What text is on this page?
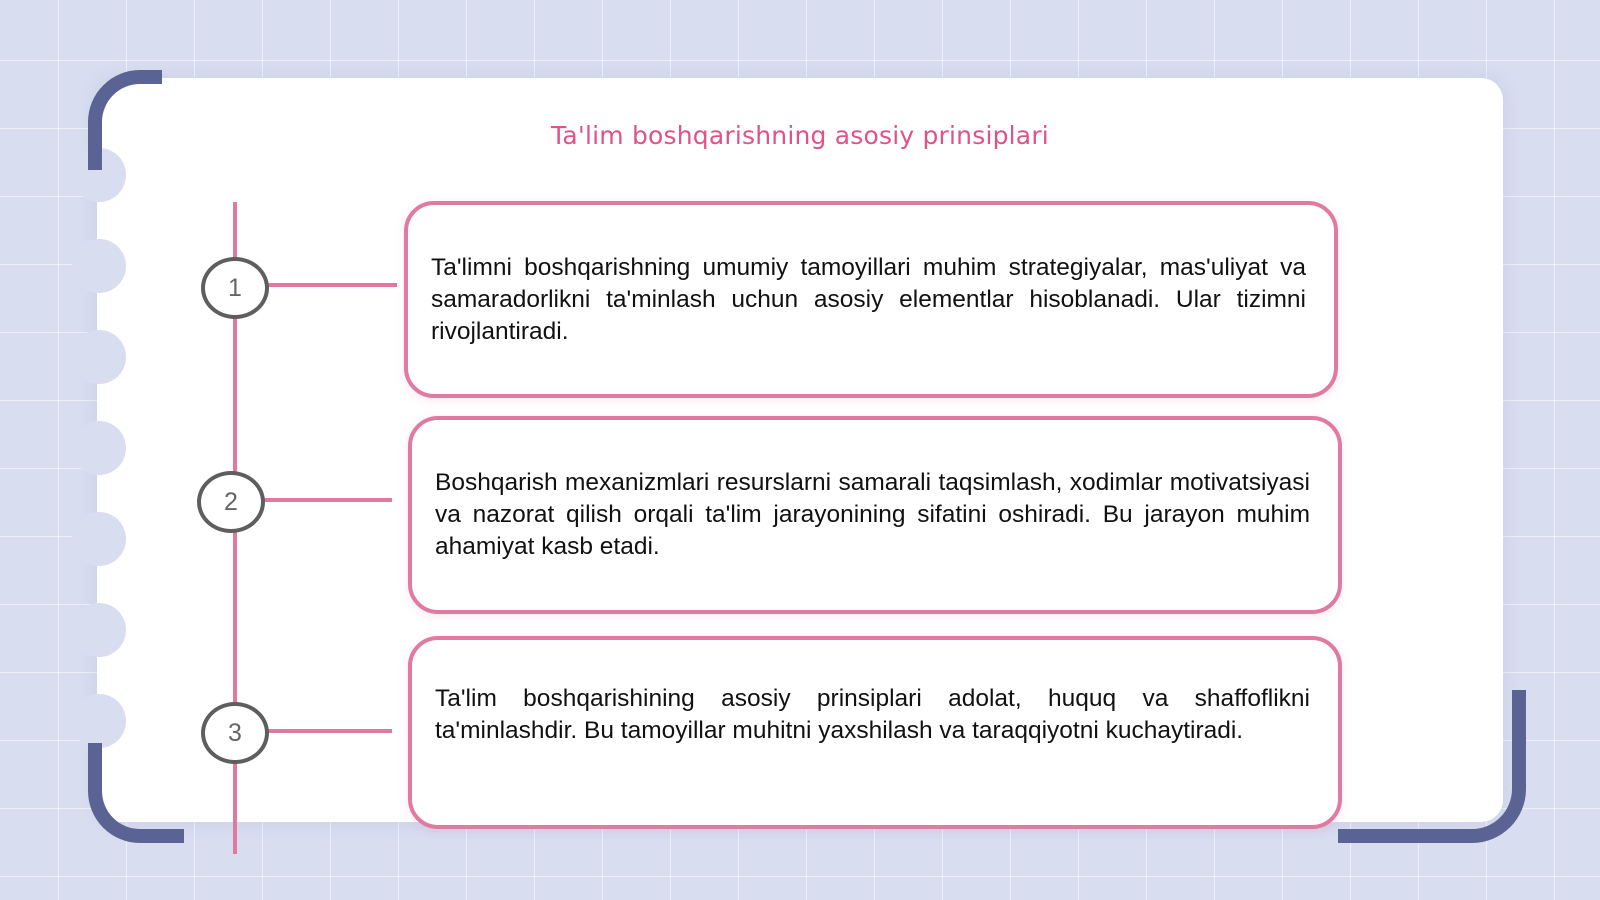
Ta'lim boshqarishning asosiy prinsiplari
1
2
3

Ta'limni boshqarishning umumiy tamoyillari muhim strategiyalar, mas'uliyat va samaradorlikni ta'minlash uchun asosiy elementlar hisoblanadi. Ular tizimni rivojlantiradi.

Boshqarish mexanizmlari resurslarni samarali taqsimlash, xodimlar motivatsiyasi va nazorat qilish orqali ta'lim jarayonining sifatini oshiradi. Bu jarayon muhim ahamiyat kasb etadi.

Ta'lim boshqarishining asosiy prinsiplari adolat, huquq va shaffoflikni ta'minlashdir. Bu tamoyillar muhitni yaxshilash va taraqqiyotni kuchaytiradi.
